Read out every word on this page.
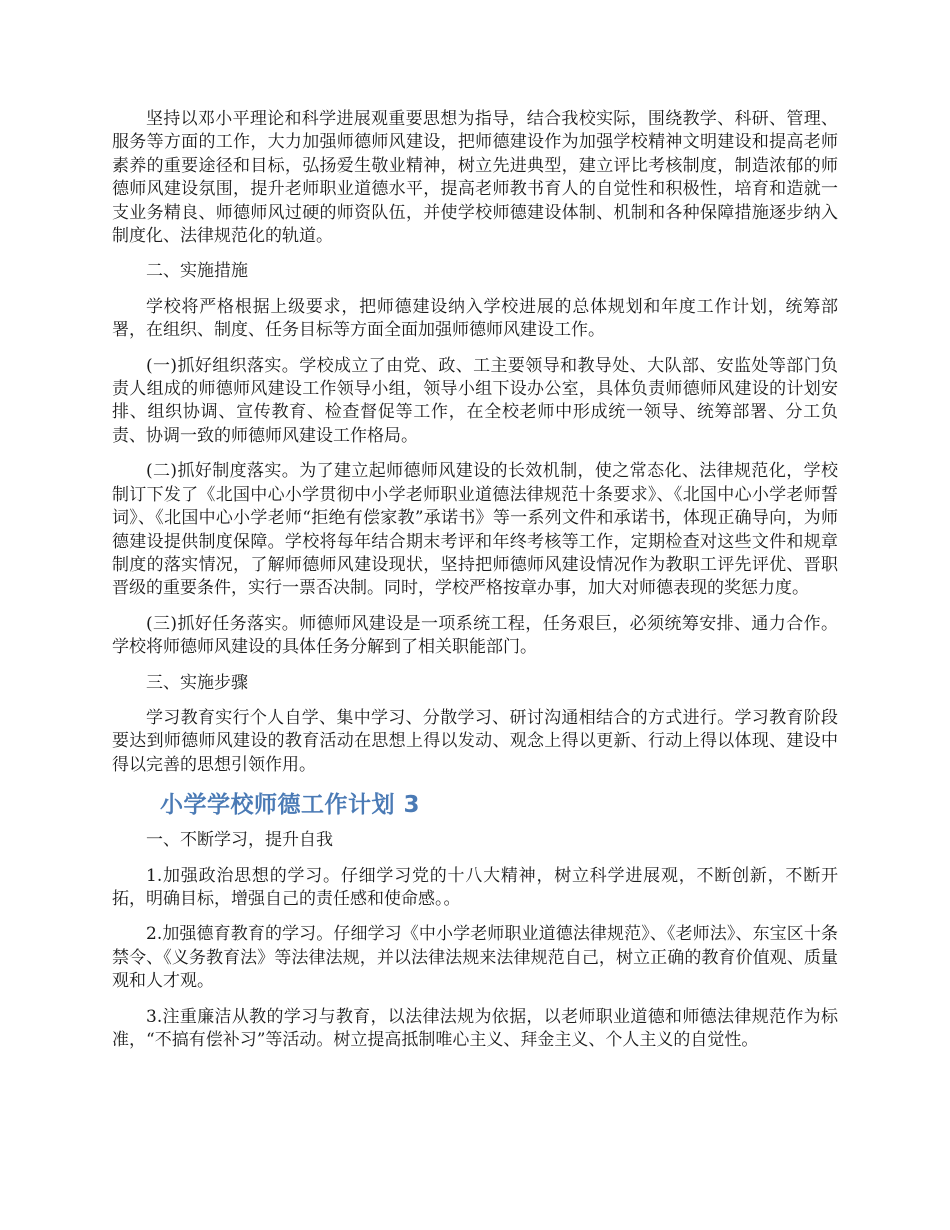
坚持以邓小平理论和科学进展观重要思想为指导，结合我校实际，围绕教学、科研、管理、服务等方面的工作，大力加强师德师风建设，把师德建设作为加强学校精神文明建设和提高老师素养的重要途径和目标，弘扬爱生敬业精神，树立先进典型，建立评比考核制度，制造浓郁的师德师风建设氛围，提升老师职业道德水平，提高老师教书育人的自觉性和积极性，培育和造就一支业务精良、师德师风过硬的师资队伍，并使学校师德建设体制、机制和各种保障措施逐步纳入制度化、法律规范化的轨道。

二、实施措施

学校将严格根据上级要求，把师德建设纳入学校进展的总体规划和年度工作计划，统筹部署，在组织、制度、任务目标等方面全面加强师德师风建设工作。

(一)抓好组织落实。学校成立了由党、政、工主要领导和教导处、大队部、安监处等部门负责人组成的师德师风建设工作领导小组，领导小组下设办公室，具体负责师德师风建设的计划安排、组织协调、宣传教育、检查督促等工作，在全校老师中形成统一领导、统筹部署、分工负责、协调一致的师德师风建设工作格局。

(二)抓好制度落实。为了建立起师德师风建设的长效机制，使之常态化、法律规范化，学校制订下发了《北国中心小学贯彻中小学老师职业道德法律规范十条要求》、《北国中心小学老师誓词》、《北国中心小学老师“拒绝有偿家教”承诺书》等一系列文件和承诺书，体现正确导向，为师德建设提供制度保障。学校将每年结合期末考评和年终考核等工作，定期检查对这些文件和规章制度的落实情况，了解师德师风建设现状，坚持把师德师风建设情况作为教职工评先评优、晋职晋级的重要条件，实行一票否决制。同时，学校严格按章办事，加大对师德表现的奖惩力度。

(三)抓好任务落实。师德师风建设是一项系统工程，任务艰巨，必须统筹安排、通力合作。学校将师德师风建设的具体任务分解到了相关职能部门。

三、实施步骤

学习教育实行个人自学、集中学习、分散学习、研讨沟通相结合的方式进行。学习教育阶段要达到师德师风建设的教育活动在思想上得以发动、观念上得以更新、行动上得以体现、建设中得以完善的思想引领作用。

小学学校师德工作计划 3

一、不断学习，提升自我

1.加强政治思想的学习。仔细学习党的十八大精神，树立科学进展观，不断创新，不断开拓，明确目标，增强自己的责任感和使命感。。

2.加强德育教育的学习。仔细学习《中小学老师职业道德法律规范》、《老师法》、东宝区十条禁令、《义务教育法》等法律法规，并以法律法规来法律规范自己，树立正确的教育价值观、质量观和人才观。

3.注重廉洁从教的学习与教育，以法律法规为依据，以老师职业道德和师德法律规范作为标准，“不搞有偿补习”等活动。树立提高抵制唯心主义、拜金主义、个人主义的自觉性。
